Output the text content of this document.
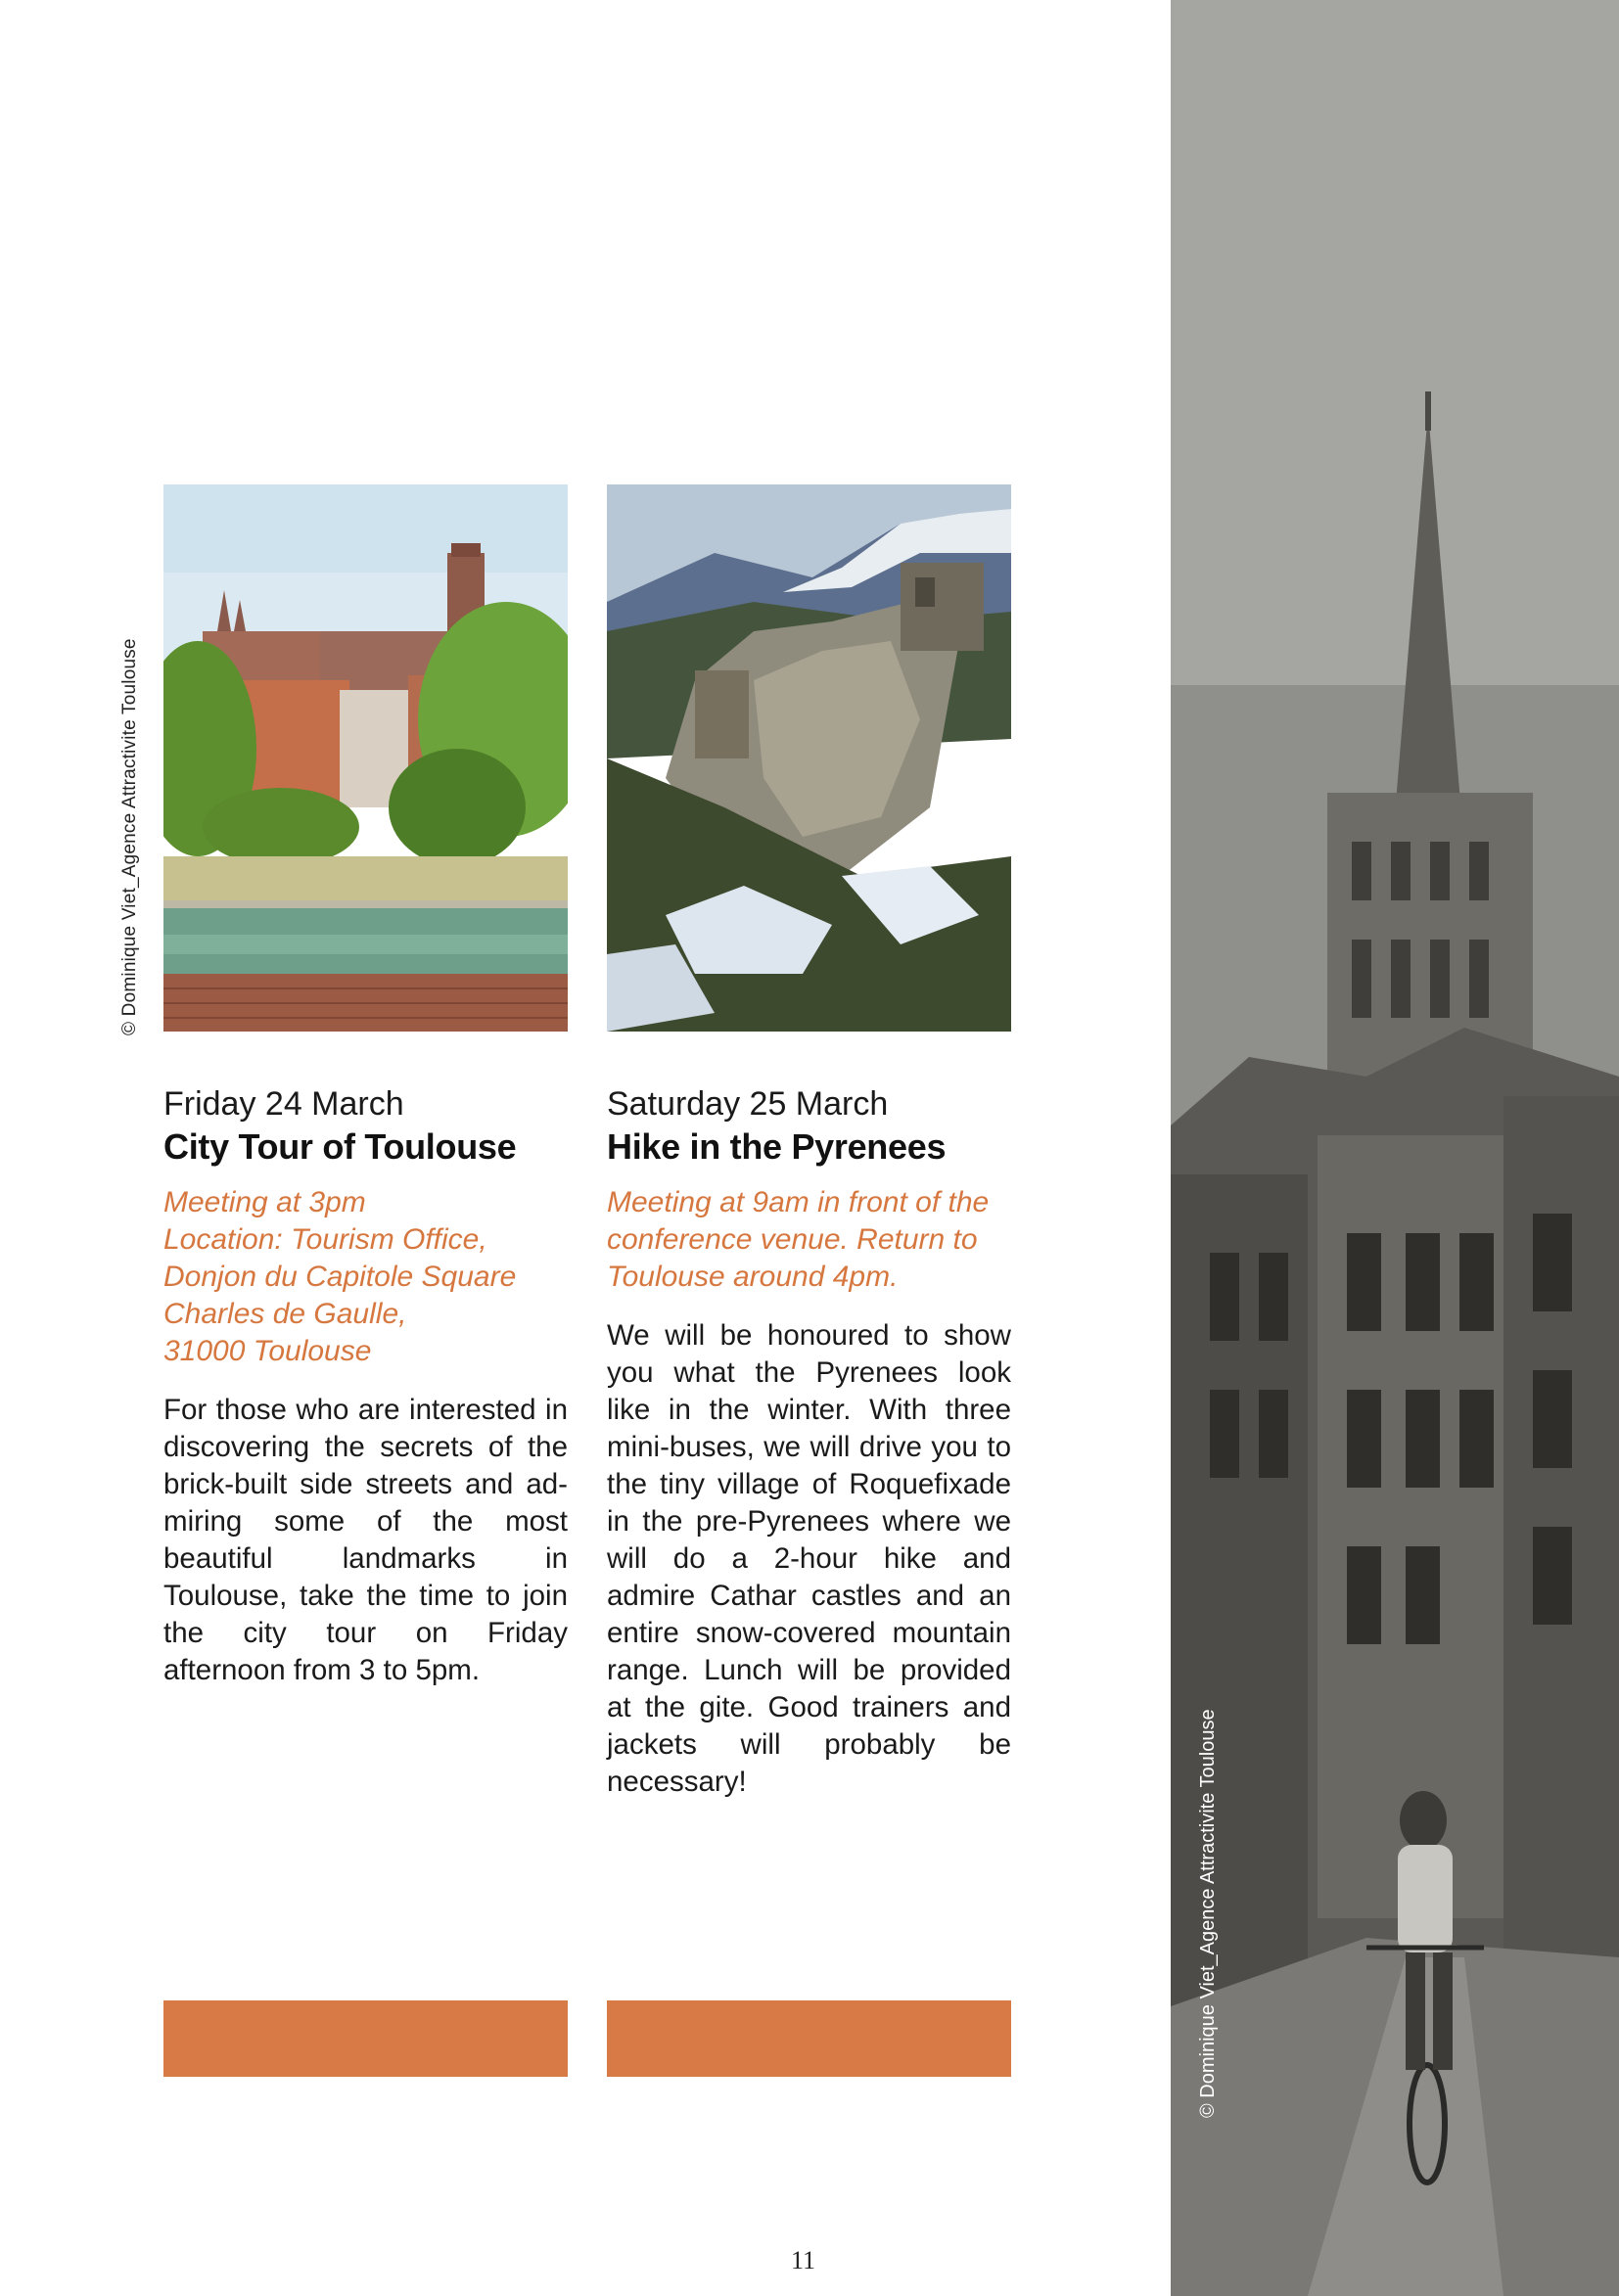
© Dominique Viet_Agence Attractivite Toulouse
Friday 24 March
City Tour of Toulouse
Meeting at 3pm
Location: Tourism Office,
Donjon du Capitole Square
Charles de Gaulle,
31000 Toulouse
For those who are interested in discovering the secrets of the brick-built side streets and admiring some of the most beautiful landmarks in Toulouse, take the time to join the city tour on Friday afternoon from 3 to 5pm.
Saturday 25 March
Hike in the Pyrenees
Meeting at 9am in front of the
conference venue. Return to
Toulouse around 4pm.
We will be honoured to show you what the Pyrenees look like in the winter. With three mini-buses, we will drive you to the tiny village of Roquefixade in the pre-Pyrenees where we will do a 2-hour hike and admire Cathar castles and an entire snow-covered mountain range. Lunch will be provided at the gite. Good trainers and jackets will probably be necessary!
11
© Dominique Viet_Agence Attractivite Toulouse
